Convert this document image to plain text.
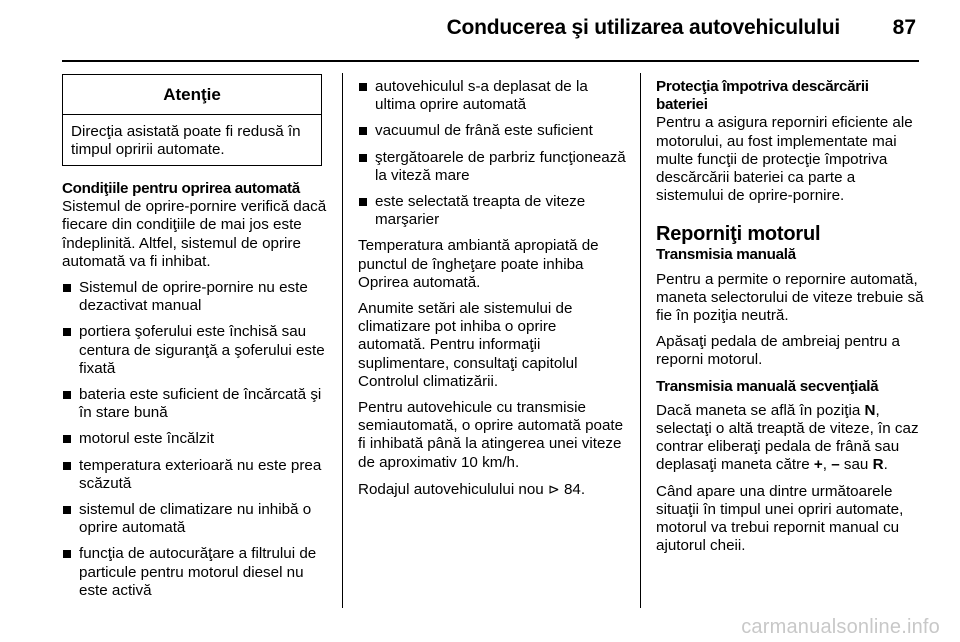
Conducerea şi utilizarea autovehiculului	87
Atenţie
Direcţia asistată poate fi redusă în timpul opririi automate.
Condiţiile pentru oprirea automată

Sistemul de oprire-pornire verifică dacă fiecare din condiţiile de mai jos este îndeplinită. Altfel, sistemul de oprire automată va fi inhibat.

Sistemul de oprire-pornire nu este dezactivat manual
portiera şoferului este închisă sau centura de siguranţă a şoferului este fixată
bateria este suficient de încărcată şi în stare bună
motorul este încălzit
temperatura exterioară nu este prea scăzută
sistemul de climatizare nu inhibă o oprire automată
funcţia de autocurăţare a filtrului de particule pentru motorul diesel nu este activă
autovehiculul s-a deplasat de la ultima oprire automată
vacuumul de frână este suficient
ştergătoarele de parbriz funcţionează la viteză mare
este selectată treapta de viteze marşarier

Temperatura ambiantă apropiată de punctul de îngheţare poate inhiba Oprirea automată.

Anumite setări ale sistemului de climatizare pot inhiba o oprire automată. Pentru informaţii suplimentare, consultaţi capitolul Controlul climatizării.

Pentru autovehicule cu transmisie semiautomată, o oprire automată poate fi inhibată până la atingerea unei viteze de aproximativ 10 km/h.

Rodajul autovehiculului nou ⊳ 84.

Protecţia împotriva descărcării bateriei

Pentru a asigura reporniri eficiente ale motorului, au fost implementate mai multe funcţii de protecţie împotriva descărcării bateriei ca parte a sistemului de oprire-pornire.

Reporniţi motorul
Transmisia manuală

Pentru a permite o repornire automată, maneta selectorului de viteze trebuie să fie în poziţia neutră.

Apăsaţi pedala de ambreiaj pentru a reporni motorul.

Transmisia manuală secvenţială

Dacă maneta se află în poziţia N, selectaţi o altă treaptă de viteze, în caz contrar eliberaţi pedala de frână sau deplasaţi maneta către +, – sau R.

Când apare una dintre următoarele situaţii în timpul unei opriri automate, motorul va trebui repornit manual cu ajutorul cheii.

carmanualsonline.info
